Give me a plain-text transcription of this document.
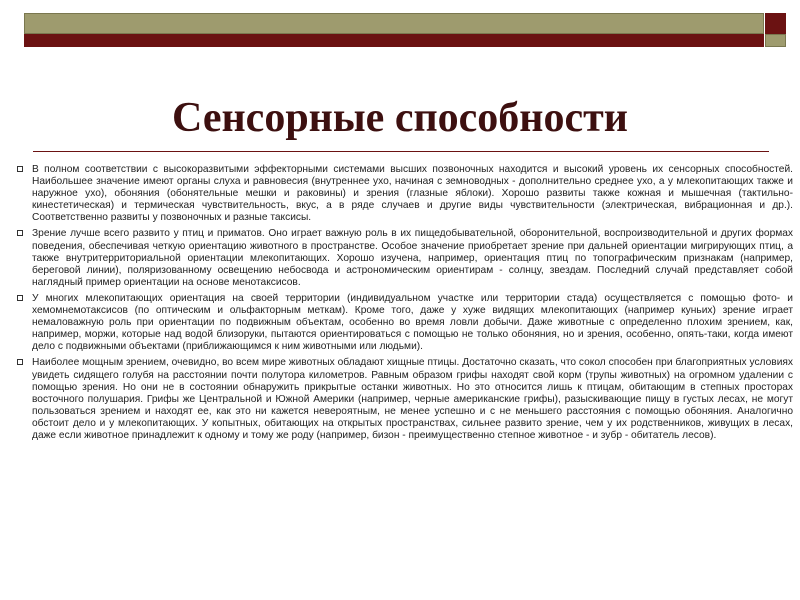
Сенсорные способности
В полном соответствии с высокоразвитыми эффекторными системами высших позвоночных находится и высокий уровень их сенсорных способностей. Наибольшее значение имеют органы слуха и равновесия (внутреннее ухо, начиная с земноводных - дополнительно среднее ухо, а у млекопитающих также и наружное ухо), обоняния (обонятельные мешки и раковины) и зрения (глазные яблоки). Хорошо развиты также кожная и мышечная (тактильно-кинестетическая) и термическая чувствительность, вкус, а в ряде случаев и другие виды чувствительности (электрическая, вибрационная и др.). Соответственно развиты у позвоночных и разные таксисы.
Зрение лучше всего развито у птиц и приматов. Оно играет важную роль в их пищедобывательной, оборонительной, воспроизводительной и других формах поведения, обеспечивая четкую ориентацию животного в пространстве. Особое значение приобретает зрение при дальней ориентации мигрирующих птиц, а также внутритерриториальной ориентации млекопитающих. Хорошо изучена, например, ориентация птиц по топографическим признакам (например, береговой линии), поляризованному освещению небосвода и астрономическим ориентирам - солнцу, звездам. Последний случай представляет собой наглядный пример ориентации на основе менотаксисов.
У многих млекопитающих ориентация на своей территории (индивидуальном участке или территории стада) осуществляется с помощью фото- и хемомнемотаксисов (по оптическим и ольфакторным меткам). Кроме того, даже у хуже видящих млекопитающих (например куньих) зрение играет немаловажную роль при ориентации по подвижным объектам, особенно во время ловли добычи. Даже животные с определенно плохим зрением, как, например, моржи, которые над водой близоруки, пытаются ориентироваться с помощью не только обоняния, но и зрения, особенно, опять-таки, когда имеют дело с подвижными объектами (приближающимся к ним животными или людьми).
Наиболее мощным зрением, очевидно, во всем мире животных обладают хищные птицы. Достаточно сказать, что сокол способен при благоприятных условиях увидеть сидящего голубя на расстоянии почти полутора километров. Равным образом грифы находят свой корм (трупы животных) на огромном удалении с помощью зрения. Но они не в состоянии обнаружить прикрытые останки животных. Но это относится лишь к птицам, обитающим в степных просторах восточного полушария. Грифы же Центральной и Южной Америки (например, черные американские грифы), разыскивающие пищу в густых лесах, не могут пользоваться зрением и находят ее, как это ни кажется невероятным, не менее успешно и с не меньшего расстояния с помощью обоняния. Аналогично обстоит дело и у млекопитающих. У копытных, обитающих на открытых пространствах, сильнее развито зрение, чем у их родственников, живущих в лесах, даже если животное принадлежит к одному и тому же роду (например, бизон - преимущественно степное животное - и зубр - обитатель лесов).
